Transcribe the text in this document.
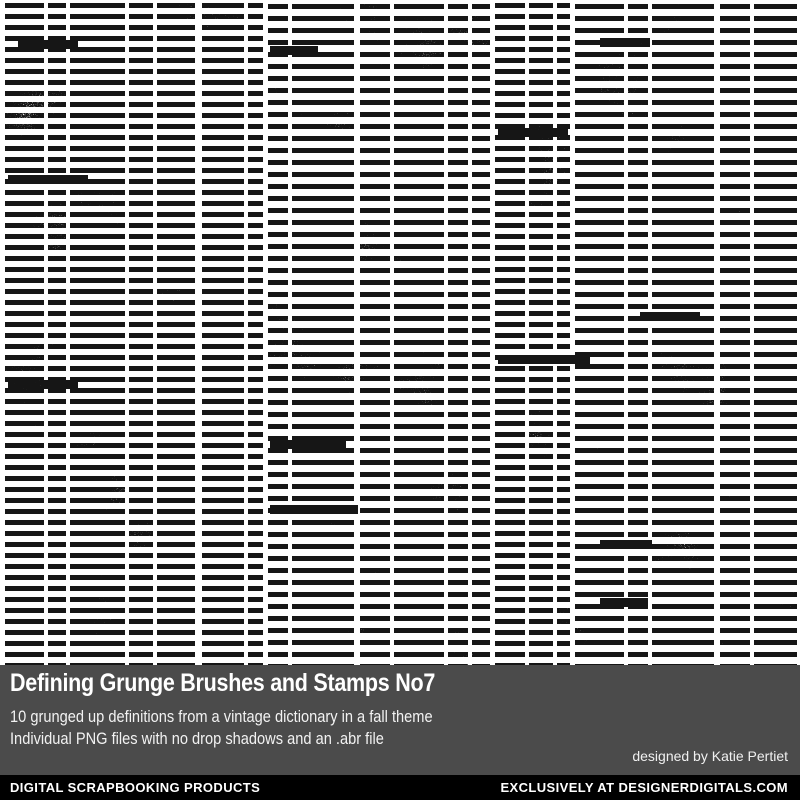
Defining Grunge Brushes and Stamps No7

10 grunged up definitions from a vintage dictionary in a fall theme

Individual PNG files with no drop shadows and an .abr file

designed by Katie Pertiet
DIGITAL SCRAPBOOKING PRODUCTS	EXCLUSIVELY AT DESIGNERDIGITALS.COM
